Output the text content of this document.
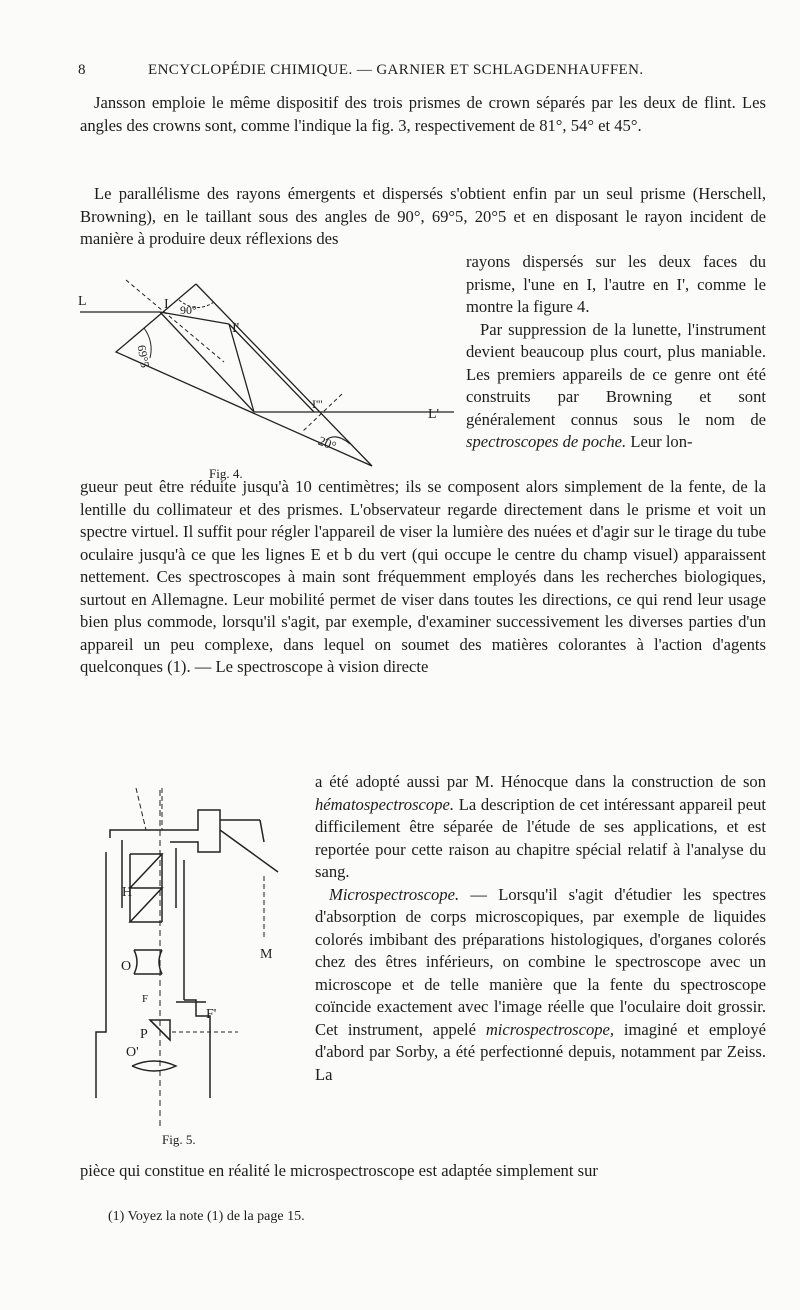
8	ENCYCLOPÉDIE CHIMIQUE. — GARNIER ET SCHLAGDENHAUFFEN.

Jansson emploie le même dispositif des trois prismes de crown séparés par les deux de flint. Les angles des crowns sont, comme l'indique la fig. 3, respectivement de 81°, 54° et 45°.

Le parallélisme des rayons émergents et dispersés s'obtient enfin par un seul prisme (Herschell, Browning), en le taillant sous des angles de 90°, 69°5, 20°5 et en disposant le rayon incident de manière à produire deux réflexions des

rayons dispersés sur les deux faces du prisme, l'une en I, l'autre en I', comme le montre la figure 4.
Par suppression de la lunette, l'instrument devient beaucoup plus court, plus maniable. Les premiers appareils de ce genre ont été construits par Browning et sont généralement connus sous le nom de spectroscopes de poche. Leur lon-
L	I
I'
I'''
L'
90°
69°5
20°
Fig. 4.

gueur peut être réduite jusqu'à 10 centimètres; ils se composent alors simplement de la fente, de la lentille du collimateur et des prismes. L'observateur regarde directement dans le prisme et voit un spectre virtuel. Il suffit pour régler l'appareil de viser la lumière des nuées et d'agir sur le tirage du tube oculaire jusqu'à ce que les lignes E et b du vert (qui occupe le centre du champ visuel) apparaissent nettement. Ces spectroscopes à main sont fréquemment employés dans les recherches biologiques, surtout en Allemagne. Leur mobilité permet de viser dans toutes les directions, ce qui rend leur usage bien plus commode, lorsqu'il s'agit, par exemple, d'examiner successivement les diverses parties d'un appareil un peu complexe, dans lequel on soumet des matières colorantes à l'action d'agents quelconques (1). — Le spectroscope à vision directe

a été adopté aussi par M. Hénocque dans la construction de son hématospectroscope. La description de cet intéressant appareil peut difficilement être séparée de l'étude de ses applications, et est reportée pour cette raison au chapitre spécial relatif à l'analyse du sang.
Microspectroscope. — Lorsqu'il s'agit d'étudier les spectres d'absorption de corps microscopiques, par exemple de liquides colorés imbibant des préparations histologiques, d'organes colorés chez des êtres inférieurs, on combine le spectroscope avec un microscope et de telle manière que la fente du spectroscope coïncide exactement avec l'image réelle que l'oculaire doit grossir. Cet instrument, appelé microspectroscope, imaginé et employé d'abord par Sorby, a été perfectionné depuis, notamment par Zeiss. La
H
O
F
F'
P
O'
M
Fig. 5.

pièce qui constitue en réalité le microspectroscope est adaptée simplement sur

(1) Voyez la note (1) de la page 15.
